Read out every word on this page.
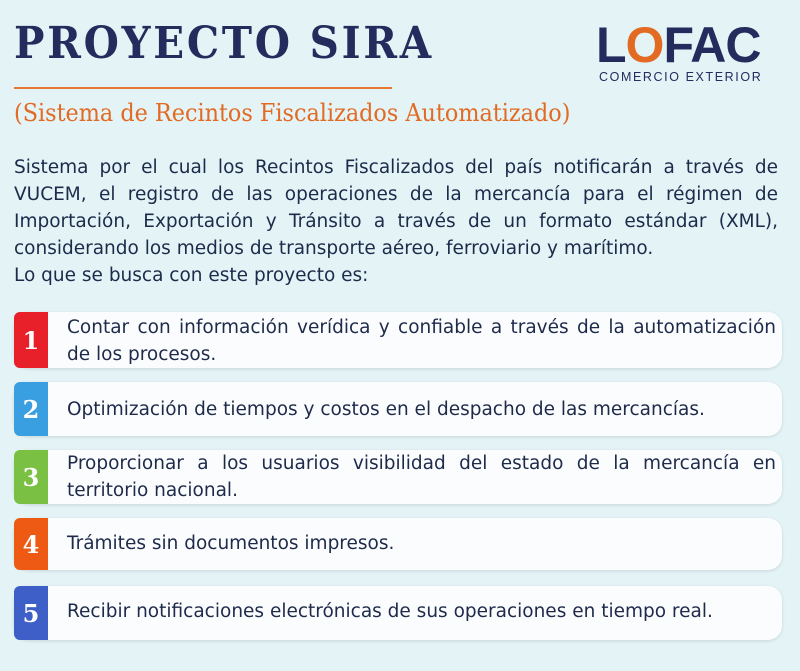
PROYECTO SIRA
(Sistema de Recintos Fiscalizados Automatizado)
LOFAC
COMERCIO EXTERIOR

Sistema por el cual los Recintos Fiscalizados del país notificarán a través de VUCEM, el registro de las operaciones de la mercancía para el régimen de Importación, Exportación y Tránsito a través de un formato estándar (XML), considerando los medios de transporte aéreo, ferroviario y marítimo.

Lo que se busca con este proyecto es:

1	Contar con información verídica y confiable a través de la automatización de los procesos.
2	Optimización de tiempos y costos en el despacho de las mercancías.
3	Proporcionar a los usuarios visibilidad del estado de la mercancía en territorio nacional.
4	Trámites sin documentos impresos.
5	Recibir notificaciones electrónicas de sus operaciones en tiempo real.
